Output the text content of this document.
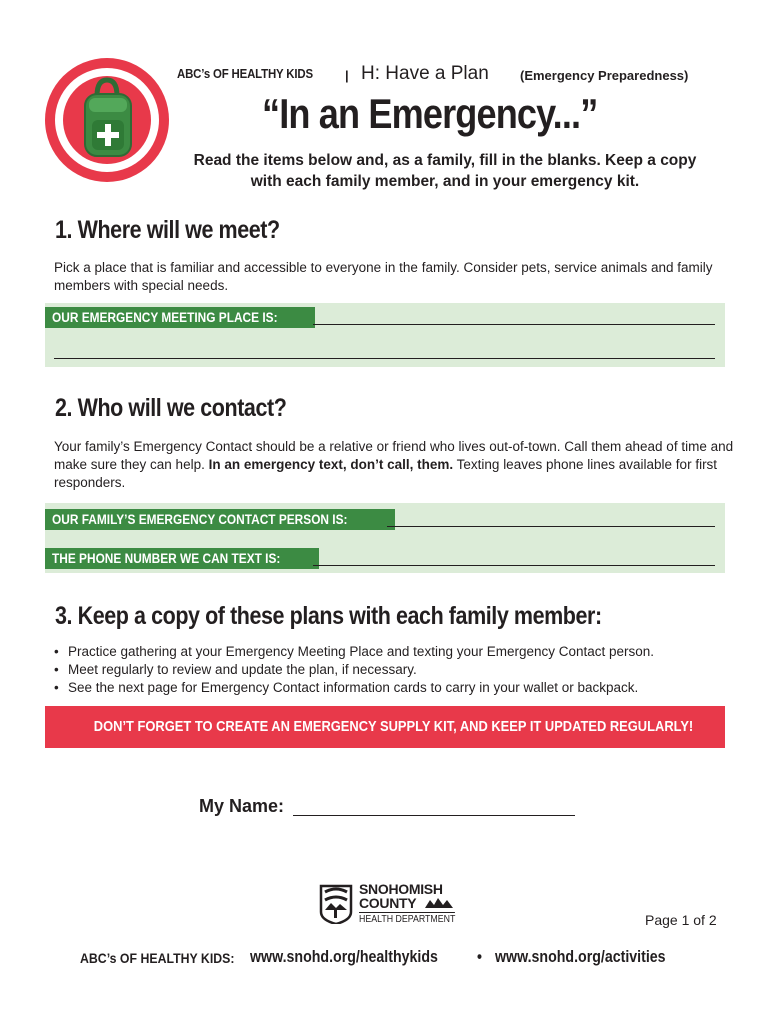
ABC’s OF HEALTHY KIDS | H: Have a Plan (Emergency Preparedness)
“In an Emergency...”
Read the items below and, as a family, fill in the blanks. Keep a copy with each family member, and in your emergency kit.
1. Where will we meet?
Pick a place that is familiar and accessible to everyone in the family. Consider pets, service animals and family members with special needs.
OUR EMERGENCY MEETING PLACE IS:
2. Who will we contact?
Your family’s Emergency Contact should be a relative or friend who lives out-of-town. Call them ahead of time and make sure they can help. In an emergency text, don’t call, them. Texting leaves phone lines available for first responders.
OUR FAMILY’S EMERGENCY CONTACT PERSON IS:
THE PHONE NUMBER WE CAN TEXT IS:
3. Keep a copy of these plans with each family member:
• Practice gathering at your Emergency Meeting Place and texting your Emergency Contact person.
• Meet regularly to review and update the plan, if necessary.
• See the next page for Emergency Contact information cards to carry in your wallet or backpack.
DON’T FORGET TO CREATE AN EMERGENCY SUPPLY KIT, AND KEEP IT UPDATED REGULARLY!
My Name:
SNOHOMISH
COUNTY
HEALTH DEPARTMENT	Page 1 of 2
ABC’s OF HEALTHY KIDS: www.snohd.org/healthykids • www.snohd.org/activities
